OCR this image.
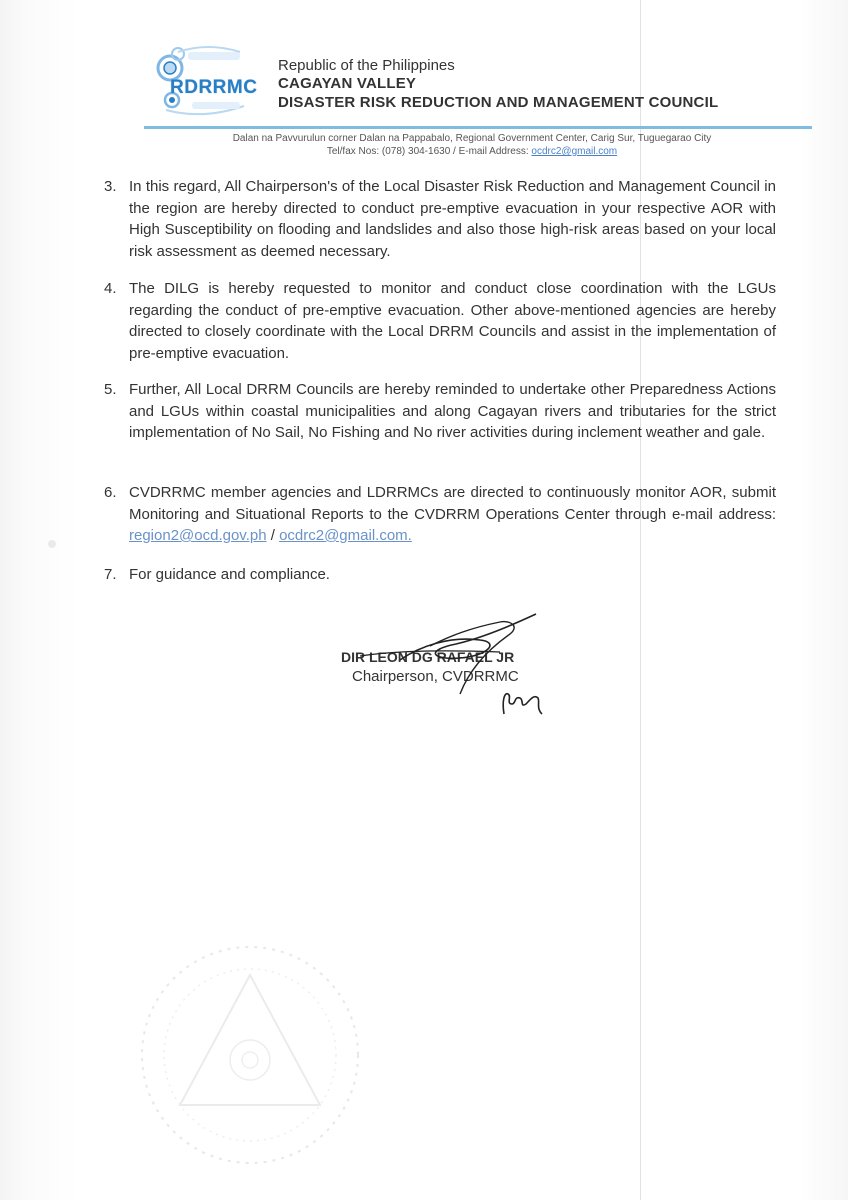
RDRRMC
Republic of the Philippines
CAGAYAN VALLEY
DISASTER RISK REDUCTION AND MANAGEMENT COUNCIL
Dalan na Pavvurulun corner Dalan na Pappabalo, Regional Government Center, Carig Sur, Tuguegarao City
Tel/fax Nos: (078) 304-1630 / E-mail Address: ocdrc2@gmail.com
3. In this regard, All Chairperson's of the Local Disaster Risk Reduction and Management Council in the region are hereby directed to conduct pre-emptive evacuation in your respective AOR with High Susceptibility on flooding and landslides and also those high-risk areas based on your local risk assessment as deemed necessary.
4. The DILG is hereby requested to monitor and conduct close coordination with the LGUs regarding the conduct of pre-emptive evacuation. Other above-mentioned agencies are hereby directed to closely coordinate with the Local DRRM Councils and assist in the implementation of pre-emptive evacuation.
5. Further, All Local DRRM Councils are hereby reminded to undertake other Preparedness Actions and LGUs within coastal municipalities and along Cagayan rivers and tributaries for the strict implementation of No Sail, No Fishing and No river activities during inclement weather and gale.
6. CVDRRMC member agencies and LDRRMCs are directed to continuously monitor AOR, submit Monitoring and Situational Reports to the CVDRRM Operations Center through e-mail address: region2@ocd.gov.ph / ocdrc2@gmail.com.
7. For guidance and compliance.
DIR LEON DG RAFAEL JR
Chairperson, CVDRRMC
